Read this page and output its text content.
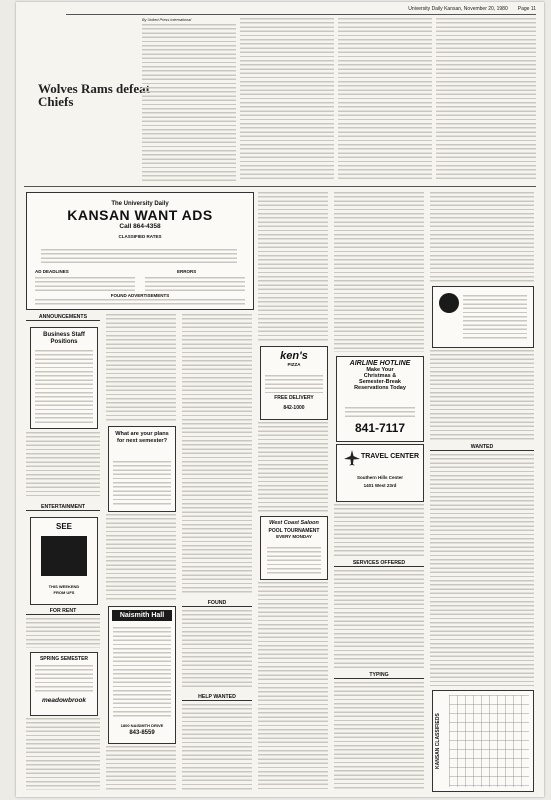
University Daily Kansan, November 20, 1980 Page 11
Wolves Rams defeat Chiefs
By United Press International
The University Daily
KANSAN WANT ADS
Call 864-4358
CLASSIFIED RATES
AD DEADLINES	ERRORS
FOUND ADVERTISEMENTS
ANNOUNCEMENTS
Business Staff Positions
ENTERTAINMENT
SEE
THIS WEEKEND
FROM UFS
FOR RENT
SPRING SEMESTER
meadowbrook
What are your plans for next semester?
Naismith Hall
1800 NAISMITH DRIVE
843-8559
FOUND
HELP WANTED
ken's
PIZZA
FREE DELIVERY
842-1000
West Coast Saloon
POOL TOURNAMENT
EVERY MONDAY
AIRLINE HOTLINE
Make Your
Christmas &
Semester-Break
Reservations Today
841-7117
TRAVEL CENTER
Southern Hills Center
1401 West 23rd
SERVICES OFFERED
TYPING
WANTED
KANSAN CLASSIFIEDS
